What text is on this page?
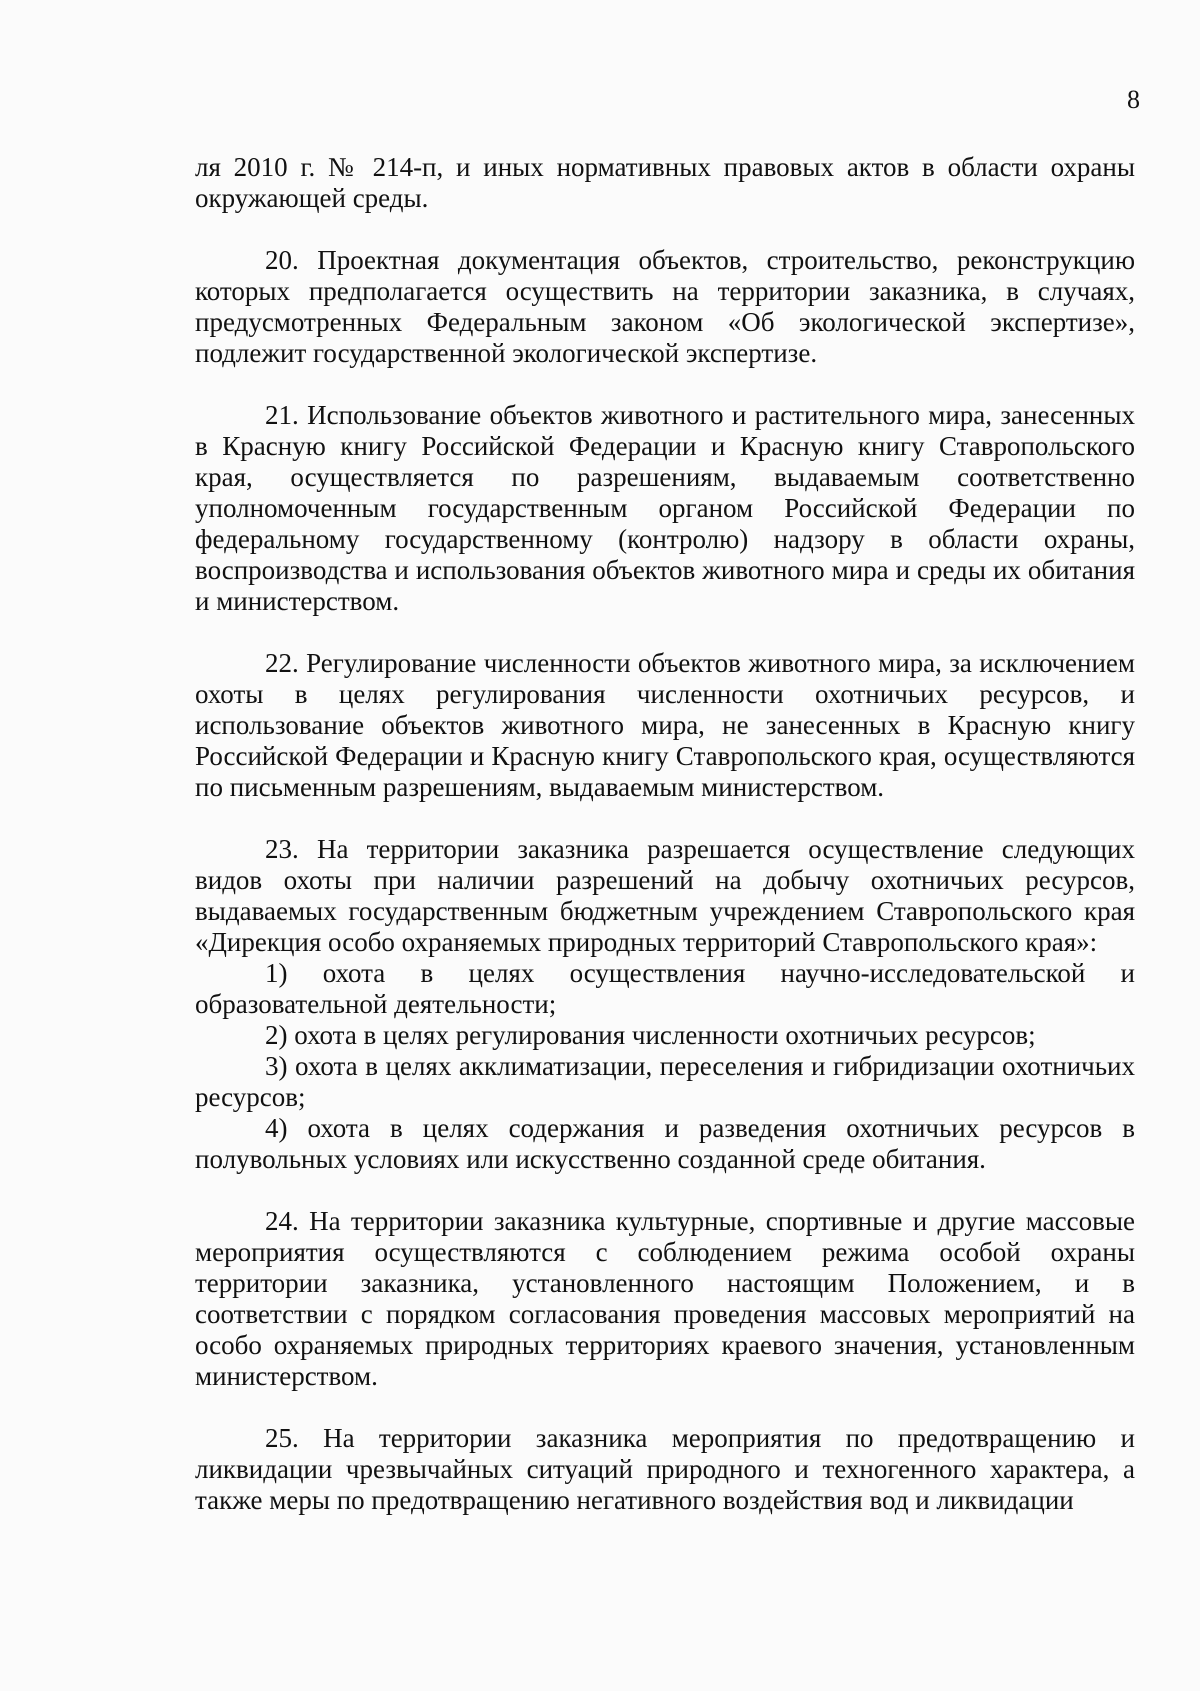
8

ля 2010 г. № 214-п, и иных нормативных правовых актов в области охраны окружающей среды.

20. Проектная документация объектов, строительство, реконструкцию которых предполагается осуществить на территории заказника, в случаях, предусмотренных Федеральным законом «Об экологической экспертизе», подлежит государственной экологической экспертизе.

21. Использование объектов животного и растительного мира, занесенных в Красную книгу Российской Федерации и Красную книгу Ставропольского края, осуществляется по разрешениям, выдаваемым соответственно уполномоченным государственным органом Российской Федерации по федеральному государственному (контролю) надзору в области охраны, воспроизводства и использования объектов животного мира и среды их обитания и министерством.

22. Регулирование численности объектов животного мира, за исключением охоты в целях регулирования численности охотничьих ресурсов, и использование объектов животного мира, не занесенных в Красную книгу Российской Федерации и Красную книгу Ставропольского края, осуществляются по письменным разрешениям, выдаваемым министерством.

23. На территории заказника разрешается осуществление следующих видов охоты при наличии разрешений на добычу охотничьих ресурсов, выдаваемых государственным бюджетным учреждением Ставропольского края «Дирекция особо охраняемых природных территорий Ставропольского края»:

1) охота в целях осуществления научно-исследовательской и образовательной деятельности;

2) охота в целях регулирования численности охотничьих ресурсов;

3) охота в целях акклиматизации, переселения и гибридизации охотничьих ресурсов;

4) охота в целях содержания и разведения охотничьих ресурсов в полувольных условиях или искусственно созданной среде обитания.

24. На территории заказника культурные, спортивные и другие массовые мероприятия осуществляются с соблюдением режима особой охраны территории заказника, установленного настоящим Положением, и в соответствии с порядком согласования проведения массовых мероприятий на особо охраняемых природных территориях краевого значения, установленным министерством.

25. На территории заказника мероприятия по предотвращению и ликвидации чрезвычайных ситуаций природного и техногенного характера, а также меры по предотвращению негативного воздействия вод и ликвидации
